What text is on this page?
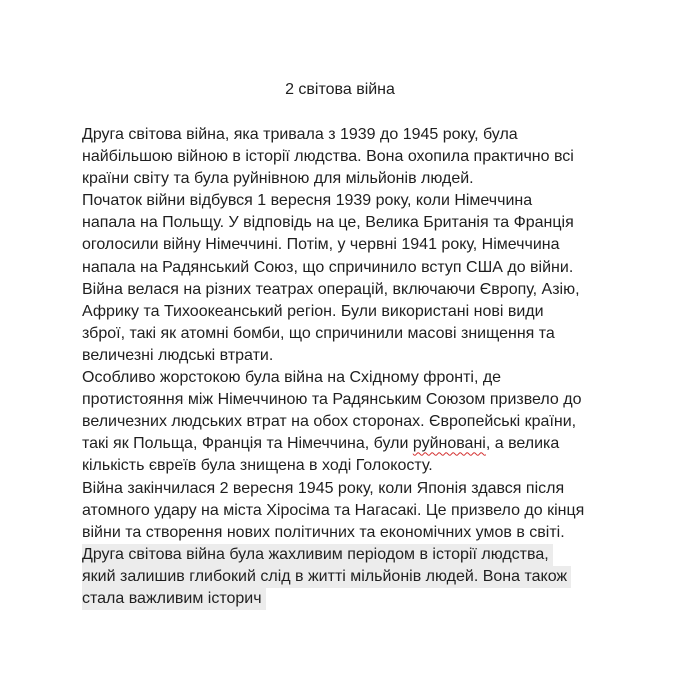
2 світова війна
Друга світова війна, яка тривала з 1939 до 1945 року, була
найбільшою війною в історії людства. Вона охопила практично всі
країни світу та була руйнівною для мільйонів людей.
Початок війни відбувся 1 вересня 1939 року, коли Німеччина
напала на Польщу. У відповідь на це, Велика Британія та Франція
оголосили війну Німеччині. Потім, у червні 1941 року, Німеччина
напала на Радянський Союз, що спричинило вступ США до війни.
Війна велася на різних театрах операцій, включаючи Європу, Азію,
Африку та Тихоокеанський регіон. Були використані нові види
зброї, такі як атомні бомби, що спричинили масові знищення та
величезні людські втрати.
Особливо жорстокою була війна на Східному фронті, де
протистояння між Німеччиною та Радянським Союзом призвело до
величезних людських втрат на обох сторонах. Європейські країни,
такі як Польща, Франція та Німеччина, були руйновані, а велика
кількість євреїв була знищена в ході Голокосту.
Війна закінчилася 2 вересня 1945 року, коли Японія здався після
атомного удару на міста Хіросіма та Нагасакі. Це призвело до кінця
війни та створення нових політичних та економічних умов в світі.
Друга світова війна була жахливим періодом в історії людства,
який залишив глибокий слід в житті мільйонів людей. Вона також
стала важливим історич
